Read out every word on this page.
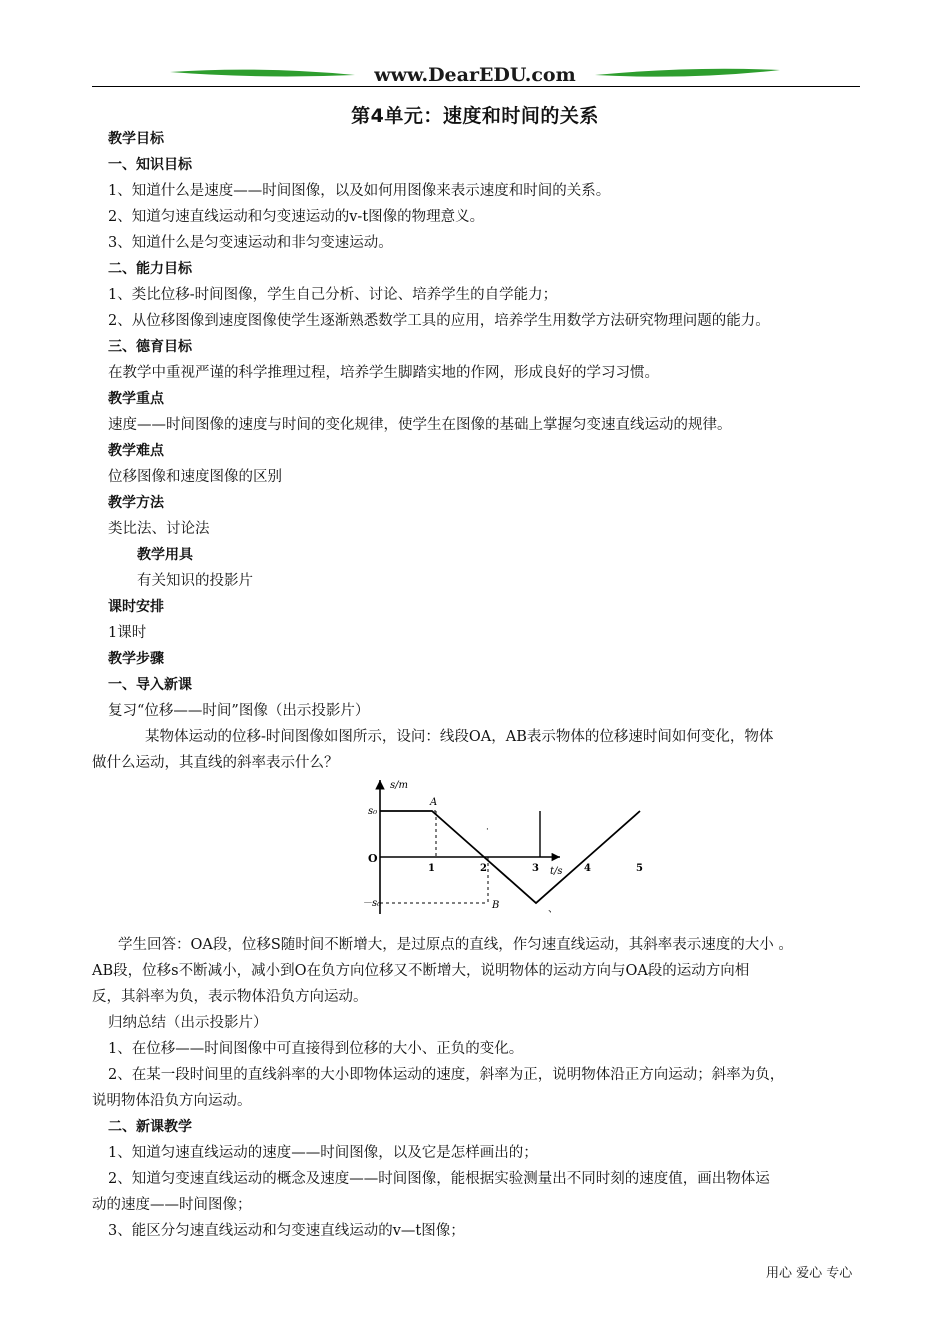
www.DearEDU.com
第4单元：速度和时间的关系
教学目标
一、知识目标
1、知道什么是速度——时间图像，以及如何用图像来表示速度和时间的关系。
2、知道匀速直线运动和匀变速运动的v-t图像的物理意义。
3、知道什么是匀变速运动和非匀变速运动。
二、能力目标
1、类比位移-时间图像，学生自己分析、讨论、培养学生的自学能力；
2、从位移图像到速度图像使学生逐渐熟悉数学工具的应用，培养学生用数学方法研究物理问题的能力。
三、德育目标
在教学中重视严谨的科学推理过程，培养学生脚踏实地的作网，形成良好的学习习惯。
教学重点
速度——时间图像的速度与时间的变化规律，使学生在图像的基础上掌握匀变速直线运动的规律。
教学难点
位移图像和速度图像的区别
教学方法
类比法、讨论法
教学用具
有关知识的投影片
课时安排
1课时
教学步骤
一、导入新课
复习“位移——时间”图像（出示投影片）
某物体运动的位移-时间图像如图所示，设问：线段OA，AB表示物体的位移速时间如何变化，物体
做什么运动，其直线的斜率表示什么？
s/m
t/s
O
s₀
－s₀
A
B
1	2	3	4	5
·
、
学生回答：OA段，位移S随时间不断增大，是过原点的直线，作匀速直线运动，其斜率表示速度的大小 。
AB段，位移s不断减小，减小到O在负方向位移又不断增大，说明物体的运动方向与OA段的运动方向相
反，其斜率为负，表示物体沿负方向运动。
归纳总结（出示投影片）
1、在位移——时间图像中可直接得到位移的大小、正负的变化。
2、在某一段时间里的直线斜率的大小即物体运动的速度，斜率为正，说明物体沿正方向运动；斜率为负，
说明物体沿负方向运动。
二、新课教学
1、知道匀速直线运动的速度——时间图像，以及它是怎样画出的；
2、知道匀变速直线运动的概念及速度——时间图像，能根据实验测量出不同时刻的速度值，画出物体运
动的速度——时间图像；
3、能区分匀速直线运动和匀变速直线运动的v—t图像；
用心 爱心 专心
